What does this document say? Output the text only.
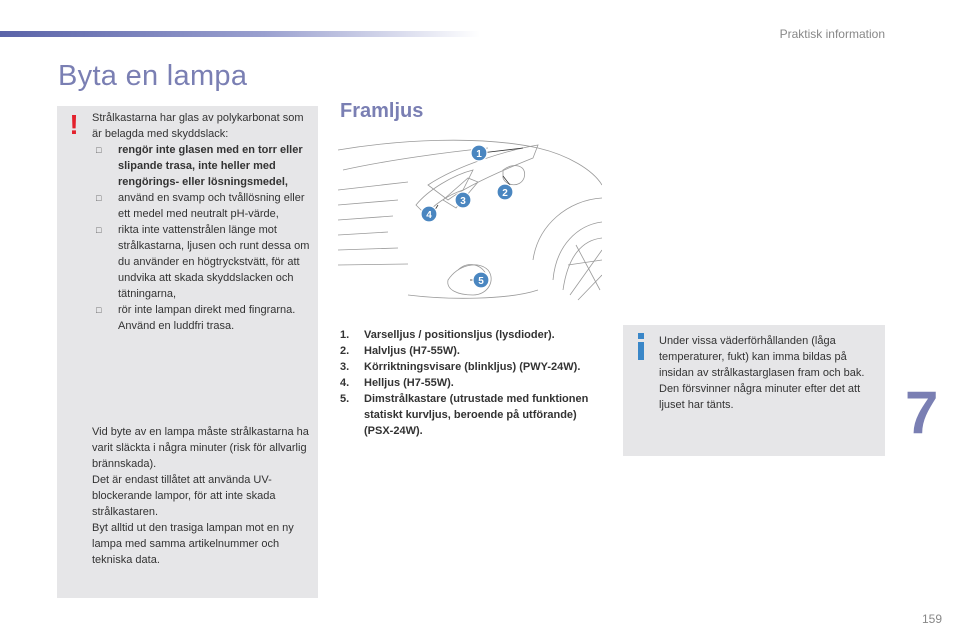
Praktisk information
Byta en lampa
!	Strålkastarna har glas av polykarbonat som är belagda med skyddslack:
□ rengör inte glasen med en torr eller slipande trasa, inte heller med rengörings- eller lösningsmedel,
□ använd en svamp och tvållösning eller ett medel med neutralt pH-värde,
□ rikta inte vattenstrålen länge mot strålkastarna, ljusen och runt dessa om du använder en högtryckstvätt, för att undvika att skada skyddslacken och tätningarna,
□ rör inte lampan direkt med fingrarna. Använd en luddfri trasa.
Vid byte av en lampa måste strålkastarna ha varit släckta i några minuter (risk för allvarlig brännskada).
Det är endast tillåtet att använda UV-blockerande lampor, för att inte skada strålkastaren.
Byt alltid ut den trasiga lampan mot en ny lampa med samma artikelnummer och tekniska data.
Framljus
1
2
3
4
5
1. Varselljus / positionsljus (lysdioder).
2. Halvljus (H7-55W).
3. Körriktningsvisare (blinkljus) (PWY-24W).
4. Helljus (H7-55W).
5. Dimstrålkastare (utrustade med funktionen statiskt kurvljus, beroende på utförande) (PSX-24W).
Under vissa väderförhållanden (låga temperaturer, fukt) kan imma bildas på insidan av strålkastarglasen fram och bak. Den försvinner några minuter efter det att ljuset har tänts.	7
159
